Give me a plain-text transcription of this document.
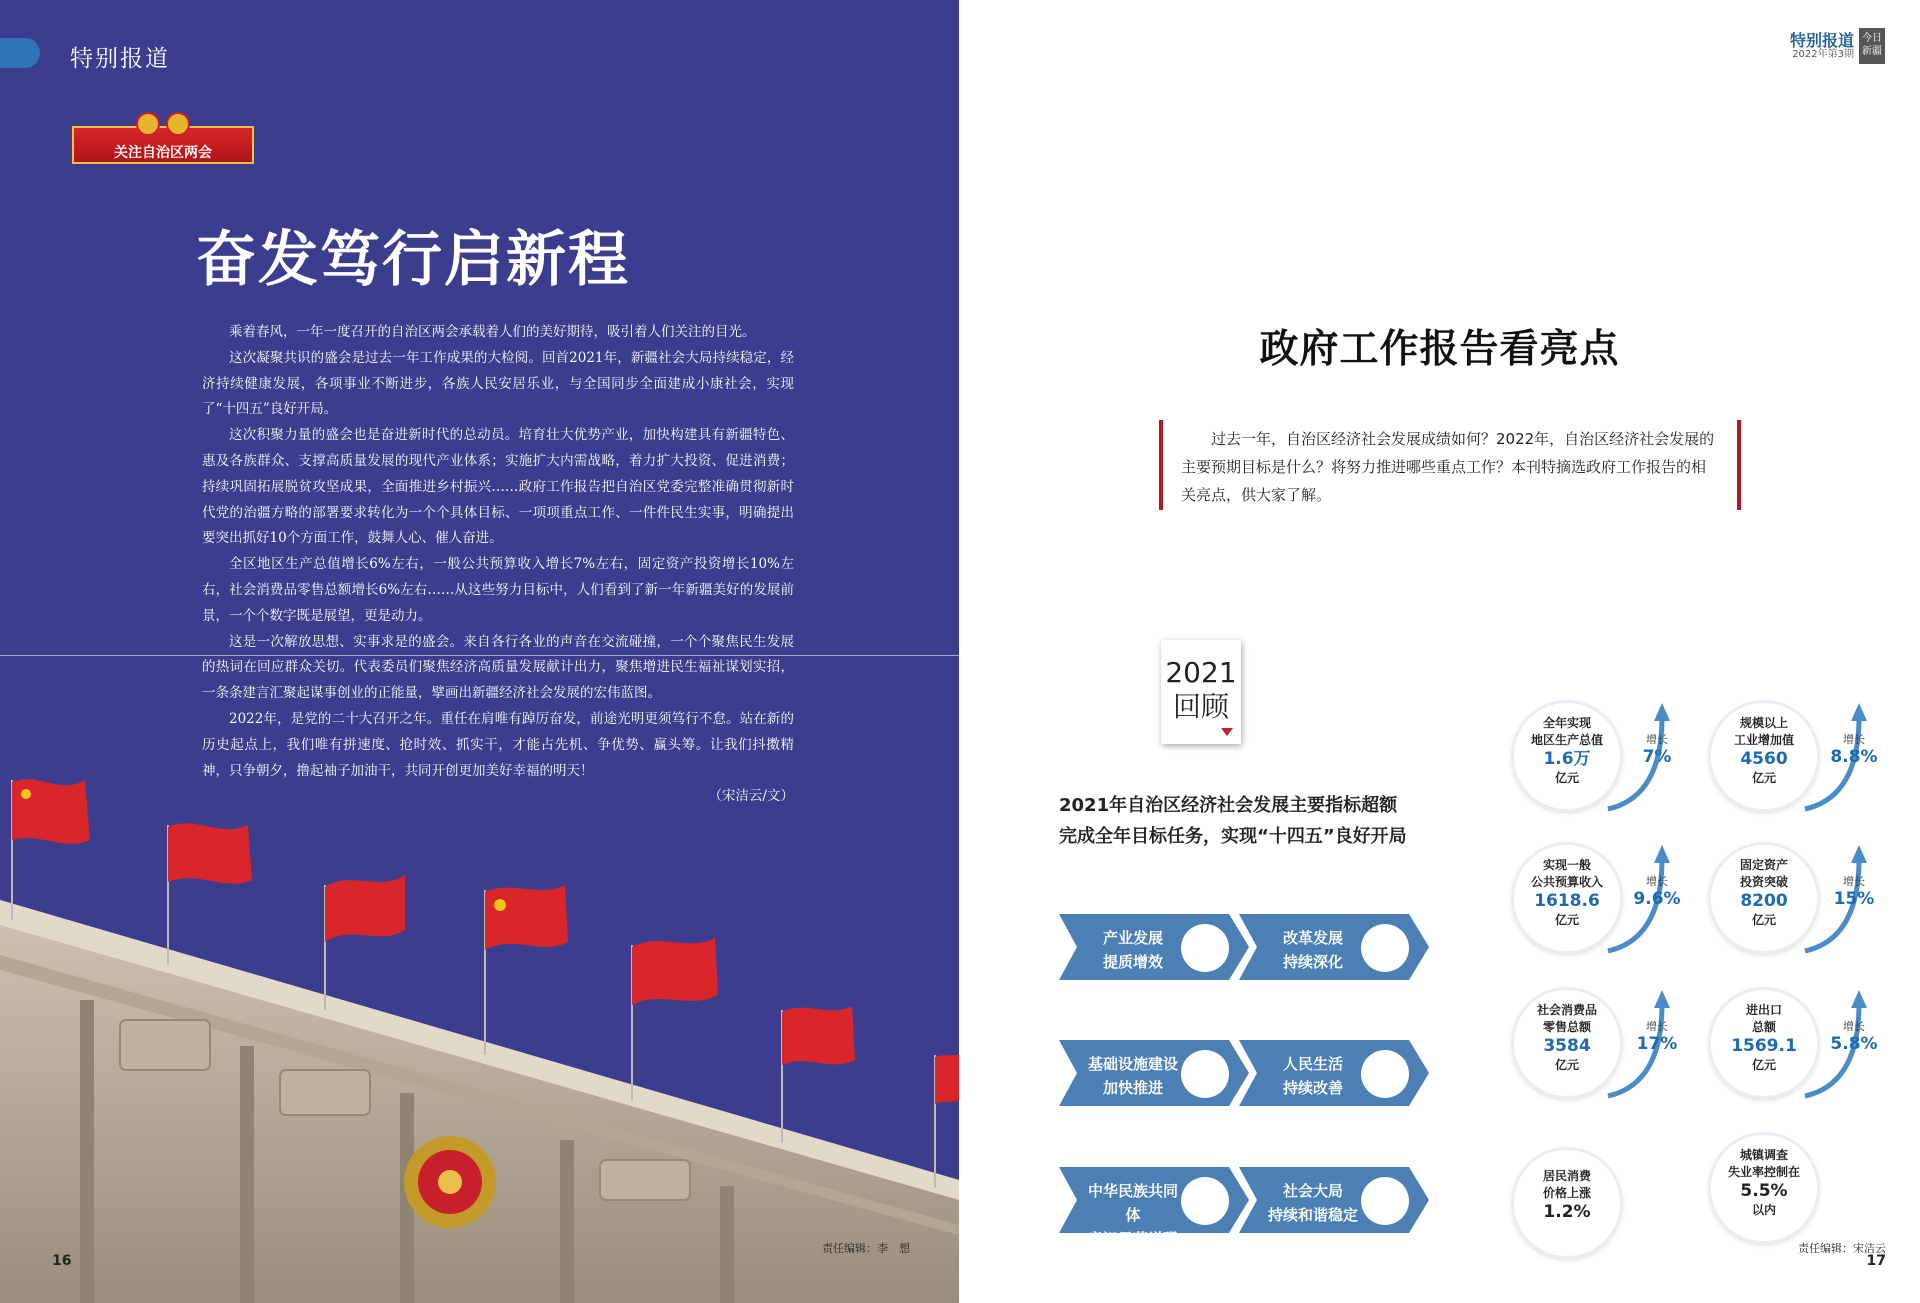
特别报道
关注自治区两会
奋发笃行启新程

乘着春风，一年一度召开的自治区两会承载着人们的美好期待，吸引着人们关注的目光。

这次凝聚共识的盛会是过去一年工作成果的大检阅。回首2021年，新疆社会大局持续稳定，经济持续健康发展，各项事业不断进步，各族人民安居乐业，与全国同步全面建成小康社会，实现了“十四五”良好开局。

这次积聚力量的盛会也是奋进新时代的总动员。培育壮大优势产业，加快构建具有新疆特色、惠及各族群众、支撑高质量发展的现代产业体系；实施扩大内需战略，着力扩大投资、促进消费；持续巩固拓展脱贫攻坚成果，全面推进乡村振兴……政府工作报告把自治区党委完整准确贯彻新时代党的治疆方略的部署要求转化为一个个具体目标、一项项重点工作、一件件民生实事，明确提出要突出抓好10个方面工作，鼓舞人心、催人奋进。

全区地区生产总值增长6%左右，一般公共预算收入增长7%左右，固定资产投资增长10%左右，社会消费品零售总额增长6%左右……从这些努力目标中，人们看到了新一年新疆美好的发展前景，一个个数字既是展望，更是动力。

这是一次解放思想、实事求是的盛会。来自各行各业的声音在交流碰撞，一个个聚焦民生发展的热词在回应群众关切。代表委员们聚焦经济高质量发展献计出力，聚焦增进民生福祉谋划实招，一条条建言汇聚起谋事创业的正能量，擘画出新疆经济社会发展的宏伟蓝图。

2022年，是党的二十大召开之年。重任在肩唯有踔厉奋发，前途光明更须笃行不怠。站在新的历史起点上，我们唯有拼速度、抢时效、抓实干，才能占先机、争优势、赢头筹。让我们抖擞精神，只争朝夕，撸起袖子加油干，共同开创更加美好幸福的明天！

（宋洁云/文）

16
责任编辑：李　想
特别报道
2022年第3期
今日
新疆
政府工作报告看亮点

过去一年，自治区经济社会发展成绩如何？2022年，自治区经济社会发展的主要预期目标是什么？将努力推进哪些重点工作？本刊特摘选政府工作报告的相关亮点，供大家了解。

2021
回顾
2021年自治区经济社会发展主要指标超额
完成全年目标任务，实现“十四五”良好开局
产业发展
提质增效
改革发展
持续深化
基础设施建设
加快推进
人民生活
持续改善
中华民族共同体
意识显著增强
社会大局
持续和谐稳定
全年实现
地区生产总值
1.6万
亿元
增长
7%
规模以上
工业增加值
4560
亿元
增长
8.8%
实现一般
公共预算收入
1618.6
亿元
增长
9.6%
固定资产
投资突破
8200
亿元
增长
15%
社会消费品
零售总额
3584
亿元
增长
17%
进出口
总额
1569.1
亿元
增长
5.8%
居民消费
价格上涨
1.2%
城镇调查
失业率控制在
5.5%
以内
责任编辑：宋洁云
17
